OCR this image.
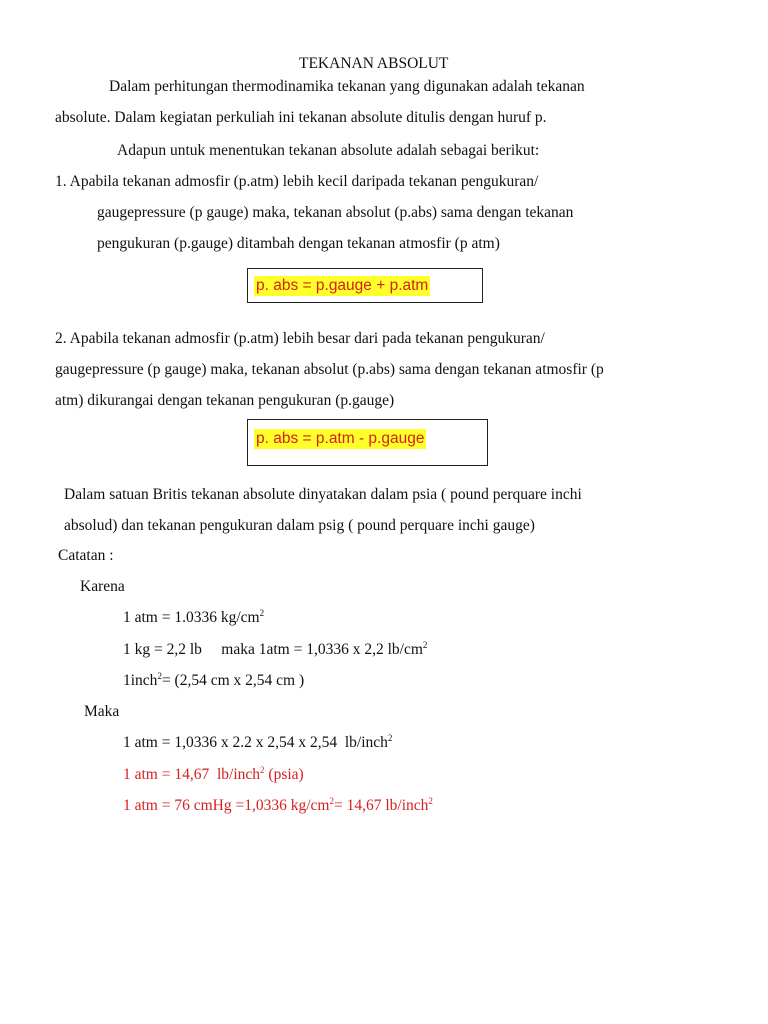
TEKANAN ABSOLUT
Dalam perhitungan thermodinamika tekanan yang digunakan adalah tekanan
absolute. Dalam kegiatan perkuliah ini tekanan absolute ditulis dengan huruf p.
Adapun untuk menentukan tekanan absolute adalah sebagai berikut:
1. Apabila tekanan admosfir (p.atm) lebih kecil daripada tekanan pengukuran/
gaugepressure (p gauge) maka, tekanan absolut (p.abs) sama dengan tekanan
pengukuran (p.gauge) ditambah dengan tekanan atmosfir (p atm)
p. abs = p.gauge + p.atm
2. Apabila tekanan admosfir (p.atm) lebih besar dari pada tekanan pengukuran/
gaugepressure (p gauge) maka, tekanan absolut (p.abs) sama dengan tekanan atmosfir (p
atm) dikurangai dengan tekanan pengukuran (p.gauge)
p. abs = p.atm - p.gauge
Dalam satuan Britis tekanan absolute dinyatakan dalam psia ( pound perquare inchi
absolud) dan tekanan pengukuran dalam psig ( pound perquare inchi gauge)
Catatan :
Karena
1 atm = 1.0336 $kg/cm^2$
1 kg = 2,2 lb     maka 1atm = 1,0336 x 2,2 $lb/cm^2$
1inch$^2$= (2,54 cm x 2,54 cm )
Maka
1 atm = 1,0336 x 2.2 x 2,54 x 2,54  lb/inch$^2$
1 atm = 14,67  lb/inch$^2$ (psia)
1 atm = 76 cmHg =1,0336 $kg/cm^2= 14,67$ lb/inch$^2$
